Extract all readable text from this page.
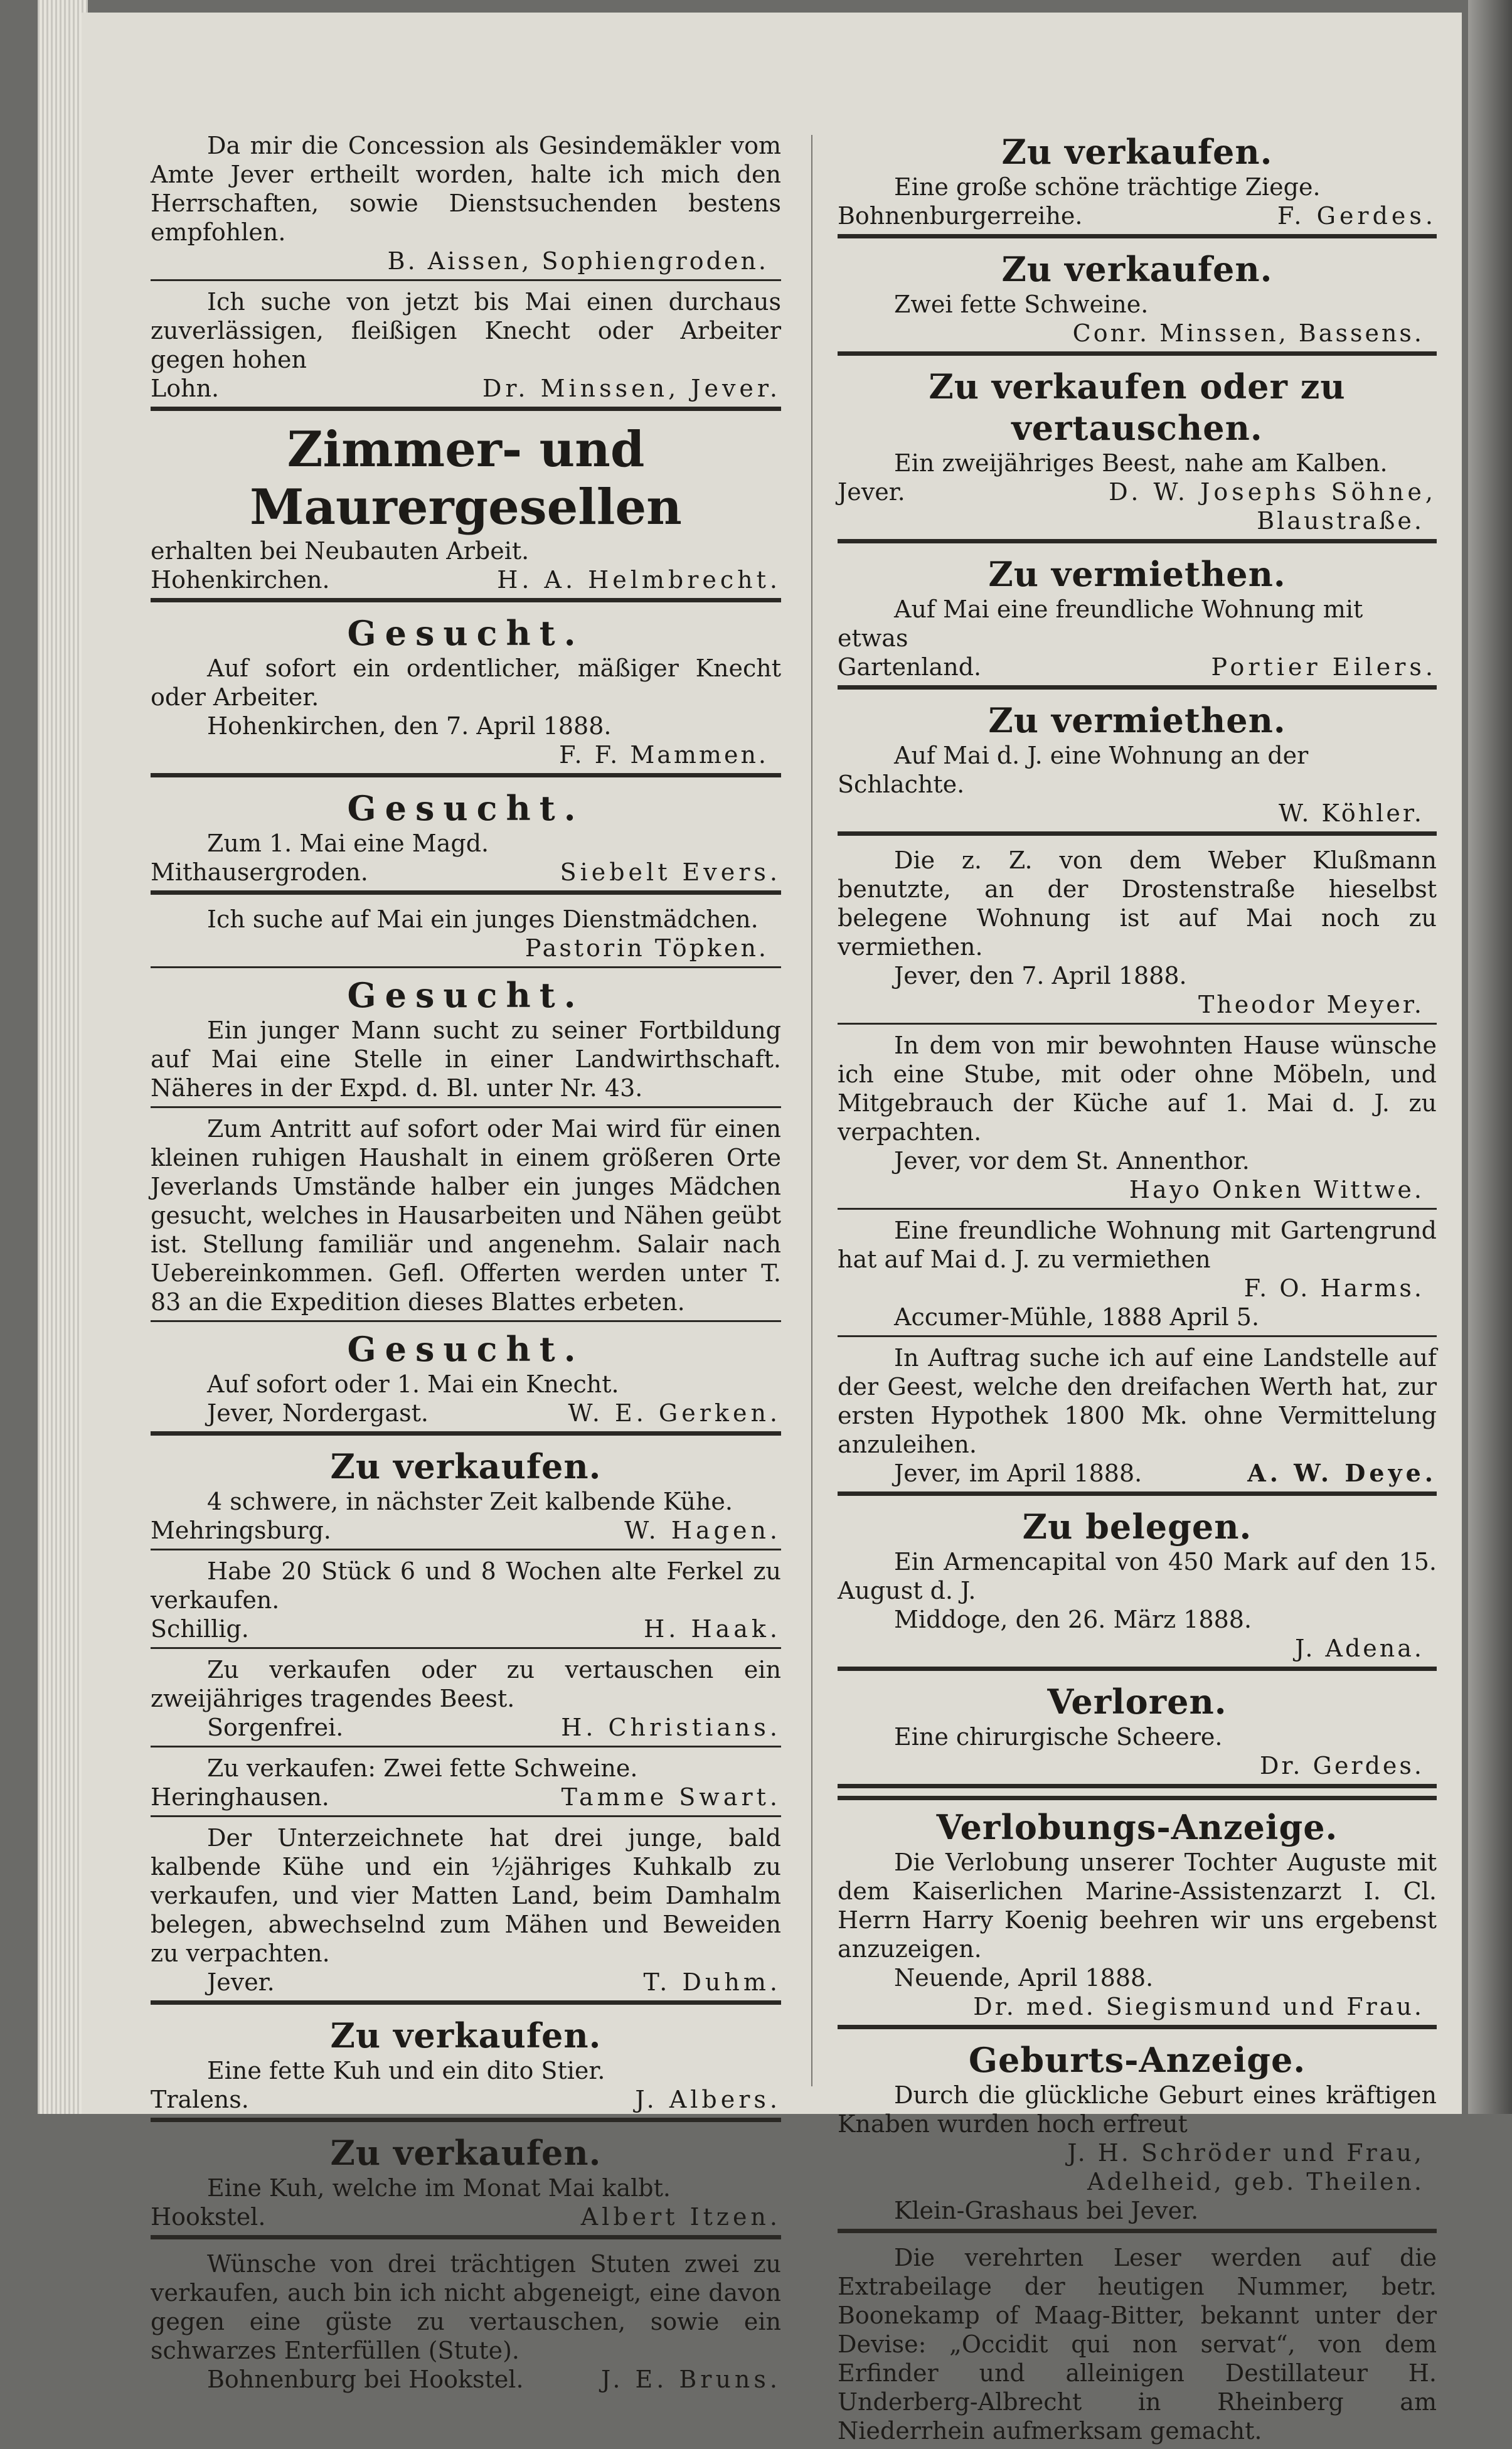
Da mir die Concession als Gesindemäkler vom Amte Jever ertheilt worden, halte ich mich den Herrschaften, sowie Dienstsuchenden bestens empfohlen.
B. Aissen, Sophiengroden.
Ich suche von jetzt bis Mai einen durchaus zuverlässigen, fleißigen Knecht oder Arbeiter gegen hohen
Lohn.	Dr. Minssen, Jever.
Zimmer- und Maurergesellen
erhalten bei Neubauten Arbeit.
Hohenkirchen.	H. A. Helmbrecht.
Gesucht.
Auf sofort ein ordentlicher, mäßiger Knecht oder Arbeiter.
Hohenkirchen, den 7. April 1888.
F. F. Mammen.
Gesucht.
Zum 1. Mai eine Magd.
Mithausergroden.	Siebelt Evers.
Ich suche auf Mai ein junges Dienstmädchen.
Pastorin Töpken.
Gesucht.
Ein junger Mann sucht zu seiner Fortbildung auf Mai eine Stelle in einer Landwirthschaft. Näheres in der Expd. d. Bl. unter Nr. 43.
Zum Antritt auf sofort oder Mai wird für einen kleinen ruhigen Haushalt in einem größeren Orte Jeverlands Umstände halber ein junges Mädchen gesucht, welches in Hausarbeiten und Nähen geübt ist. Stellung familiär und angenehm. Salair nach Uebereinkommen. Gefl. Offerten werden unter T. 83 an die Expedition dieses Blattes erbeten.
Gesucht.
Auf sofort oder 1. Mai ein Knecht.
Jever, Nordergast.	W. E. Gerken.
Zu verkaufen.
4 schwere, in nächster Zeit kalbende Kühe.
Mehringsburg.	W. Hagen.
Habe 20 Stück 6 und 8 Wochen alte Ferkel zu verkaufen.
Schillig.	H. Haak.
Zu verkaufen oder zu vertauschen ein zweijähriges tragendes Beest.
Sorgenfrei.	H. Christians.
Zu verkaufen: Zwei fette Schweine.
Heringhausen.	Tamme Swart.
Der Unterzeichnete hat drei junge, bald kalbende Kühe und ein ½jähriges Kuhkalb zu verkaufen, und vier Matten Land, beim Damhalm belegen, abwechselnd zum Mähen und Beweiden zu verpachten.
Jever.	T. Duhm.
Zu verkaufen.
Eine fette Kuh und ein dito Stier.
Tralens.	J. Albers.
Zu verkaufen.
Eine Kuh, welche im Monat Mai kalbt.
Hookstel.	Albert Itzen.
Wünsche von drei trächtigen Stuten zwei zu verkaufen, auch bin ich nicht abgeneigt, eine davon gegen eine güste zu vertauschen, sowie ein schwarzes Enterfüllen (Stute).
Bohnenburg bei Hookstel.	J. E. Bruns.
Zu verkaufen.
Eine große schöne trächtige Ziege.
Bohnenburgerreihe.	F. Gerdes.
Zu verkaufen.
Zwei fette Schweine.
Conr. Minssen, Bassens.
Zu verkaufen oder zu vertauschen.
Ein zweijähriges Beest, nahe am Kalben.
Jever.	D. W. Josephs Söhne,
Blaustraße.
Zu vermiethen.
Auf Mai eine freundliche Wohnung mit etwas
Gartenland.	Portier Eilers.
Zu vermiethen.
Auf Mai d. J. eine Wohnung an der Schlachte.
W. Köhler.
Die z. Z. von dem Weber Klußmann benutzte, an der Drostenstraße hieselbst belegene Wohnung ist auf Mai noch zu vermiethen.
Jever, den 7. April 1888.
Theodor Meyer.
In dem von mir bewohnten Hause wünsche ich eine Stube, mit oder ohne Möbeln, und Mitgebrauch der Küche auf 1. Mai d. J. zu verpachten.
Jever, vor dem St. Annenthor.
Hayo Onken Wittwe.
Eine freundliche Wohnung mit Gartengrund hat auf Mai d. J. zu vermiethen
F. O. Harms.
Accumer-Mühle, 1888 April 5.
In Auftrag suche ich auf eine Landstelle auf der Geest, welche den dreifachen Werth hat, zur ersten Hypothek 1800 Mk. ohne Vermittelung anzuleihen.
Jever, im April 1888.	A. W. Deye.
Zu belegen.
Ein Armencapital von 450 Mark auf den 15. August d. J.
Middoge, den 26. März 1888.
J. Adena.
Verloren.
Eine chirurgische Scheere.
Dr. Gerdes.
Verlobungs-Anzeige.
Die Verlobung unserer Tochter Auguste mit dem Kaiserlichen Marine-Assistenzarzt I. Cl. Herrn Harry Koenig beehren wir uns ergebenst anzuzeigen.
Neuende, April 1888.
Dr. med. Siegismund und Frau.
Geburts-Anzeige.
Durch die glückliche Geburt eines kräftigen Knaben wurden hoch erfreut
J. H. Schröder und Frau,
Adelheid, geb. Theilen.
Klein-Grashaus bei Jever.
Die verehrten Leser werden auf die Extrabeilage der heutigen Nummer, betr. Boonekamp of Maag-Bitter, bekannt unter der Devise: „Occidit qui non servat“, von dem Erfinder und alleinigen Destillateur H. Underberg-Albrecht in Rheinberg am Niederrhein aufmerksam gemacht.
